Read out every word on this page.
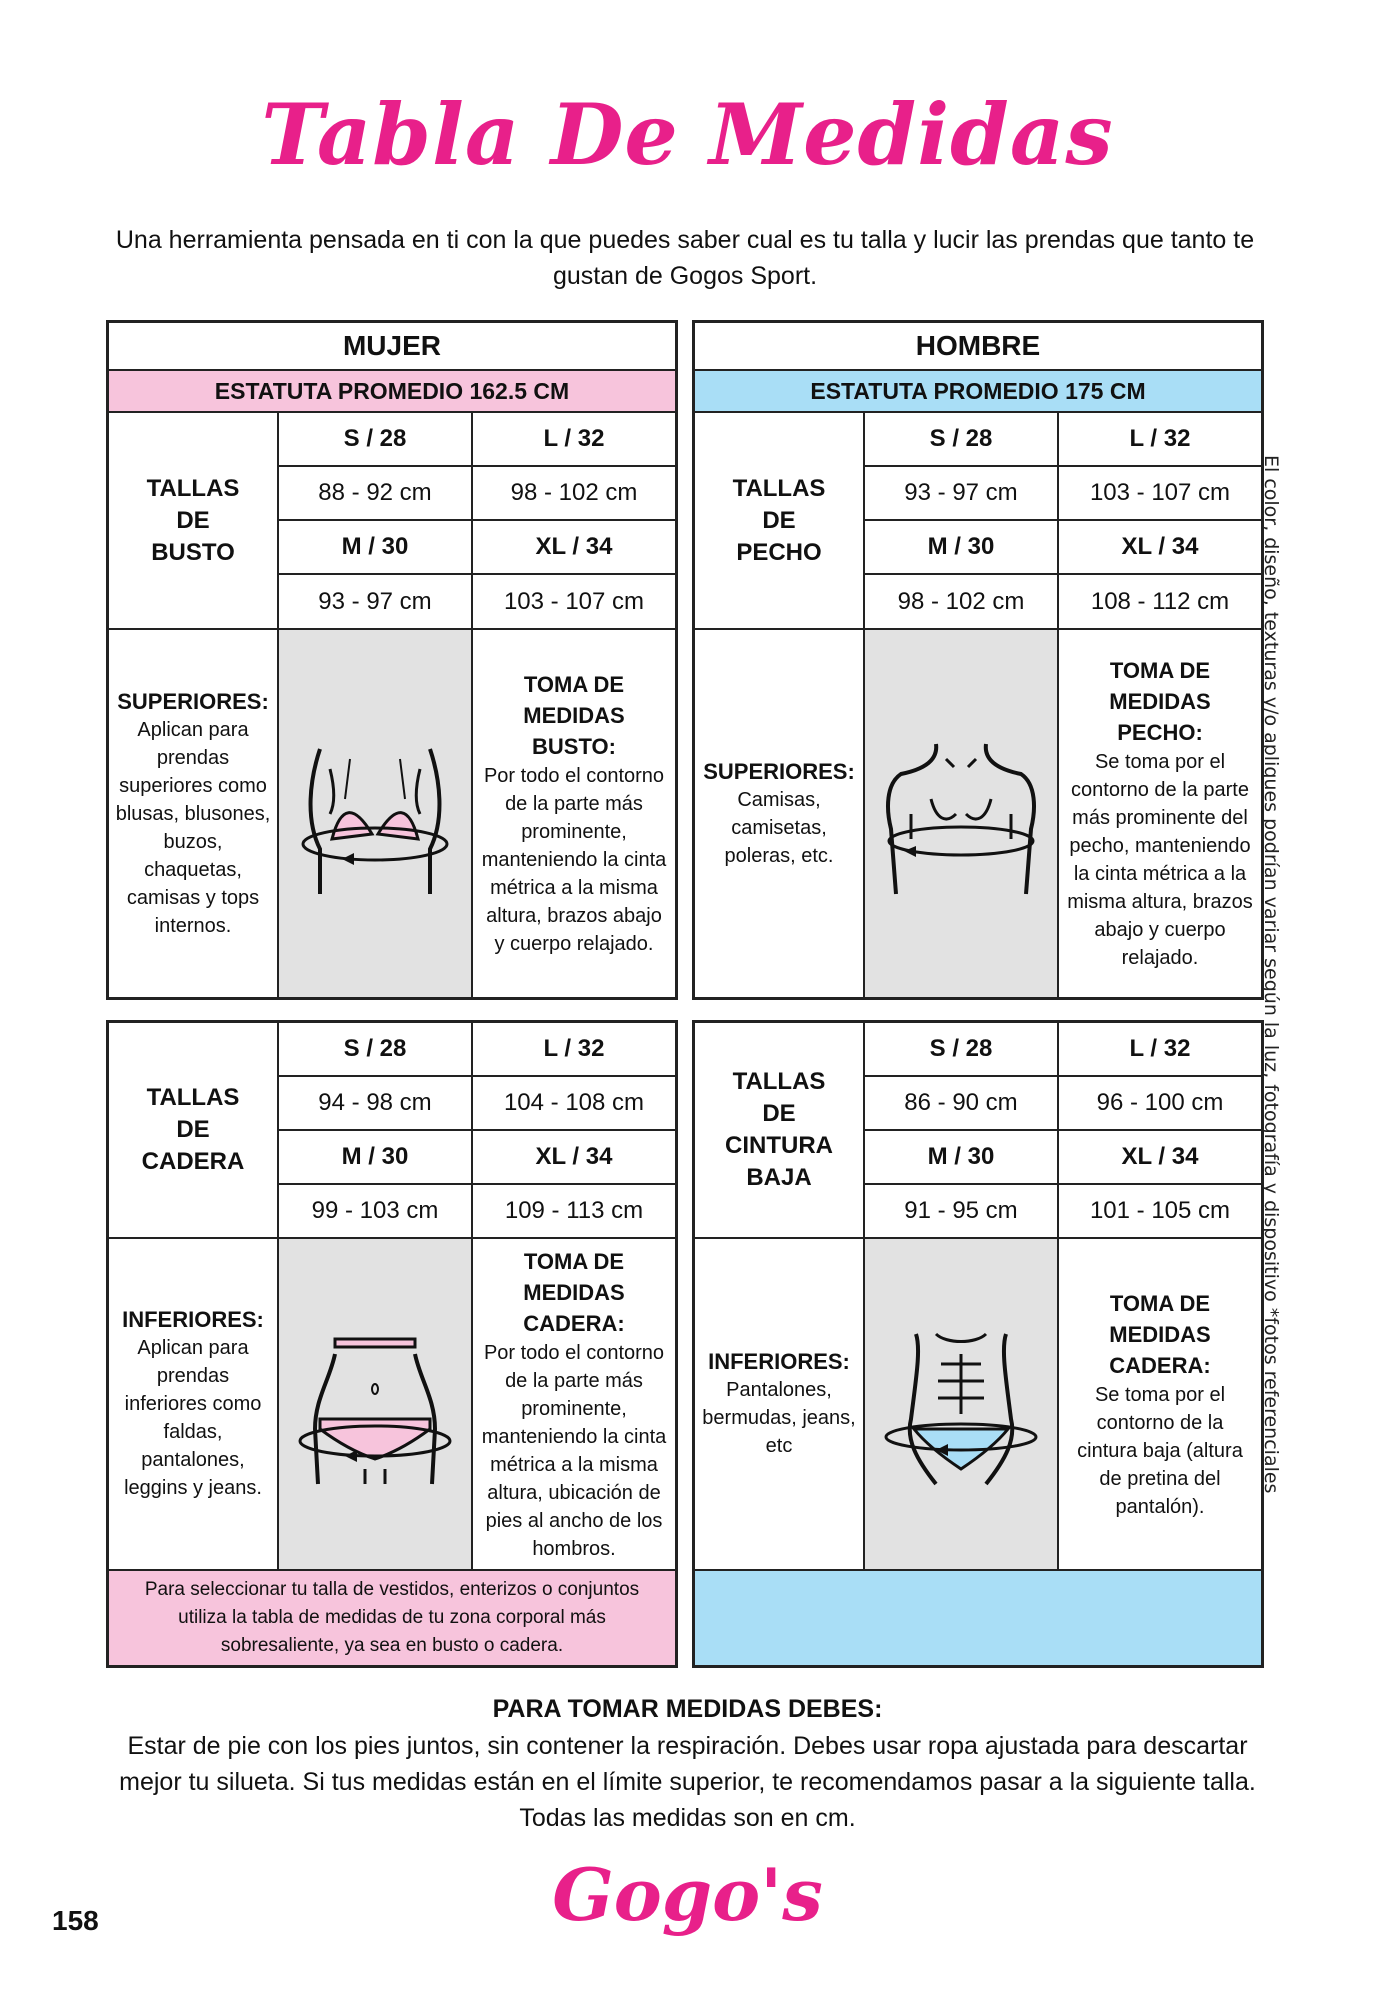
Tabla De Medidas
Una herramienta pensada en ti con la que puedes saber cual es tu talla y lucir las prendas que tanto te gustan de Gogos Sport.
MUJER
ESTATUTA PROMEDIO 162.5 CM
TALLAS DE BUSTO
S / 28	L / 32
88 - 92 cm	98 - 102 cm
M / 30	XL / 34
93 - 97 cm	103 - 107 cm
SUPERIORES:
Aplican para prendas superiores como blusas, blusones, buzos, chaquetas, camisas y tops internos.
TOMA DE MEDIDAS BUSTO:
Por todo el contorno de la parte más prominente, manteniendo la cinta métrica a la misma altura, brazos abajo y cuerpo relajado.
HOMBRE
ESTATUTA PROMEDIO 175 CM
TALLAS DE PECHO
S / 28	L / 32
93 - 97 cm	103 - 107 cm
M / 30	XL / 34
98 - 102 cm	108 - 112 cm
SUPERIORES:
Camisas, camisetas, poleras, etc.
TOMA DE MEDIDAS PECHO:
Se toma por el contorno de la parte más prominente del pecho, manteniendo la cinta métrica a la misma altura, brazos abajo y cuerpo relajado.
TALLAS DE CADERA
S / 28	L / 32
94 - 98 cm	104 - 108 cm
M / 30	XL / 34
99 - 103 cm	109 - 113 cm
INFERIORES:
Aplican para prendas inferiores como faldas, pantalones, leggins y jeans.
TOMA DE MEDIDAS CADERA:
Por todo el contorno de la parte más prominente, manteniendo la cinta métrica a la misma altura, ubicación de pies al ancho de los hombros.
Para seleccionar tu talla de vestidos, enterizos o conjuntos utiliza la tabla de medidas de tu zona corporal más sobresaliente, ya sea en busto o cadera.
TALLAS DE CINTURA BAJA
S / 28	L / 32
86 - 90 cm	96 - 100 cm
M / 30	XL / 34
91 - 95 cm	101 - 105 cm
INFERIORES:
Pantalones, bermudas, jeans, etc
TOMA DE MEDIDAS CADERA:
Se toma por el contorno de la cintura baja (altura de pretina del pantalón).
El color, diseño, texturas y/o apliques podrían variar según la luz, fotografía y dispositivo *fotos referenciales
PARA TOMAR MEDIDAS DEBES:
Estar de pie con los pies juntos, sin contener la respiración. Debes usar ropa ajustada para descartar mejor tu silueta. Si tus medidas están en el límite superior, te recomendamos pasar a la siguiente talla. Todas las medidas son en cm.
Gogo's
158
